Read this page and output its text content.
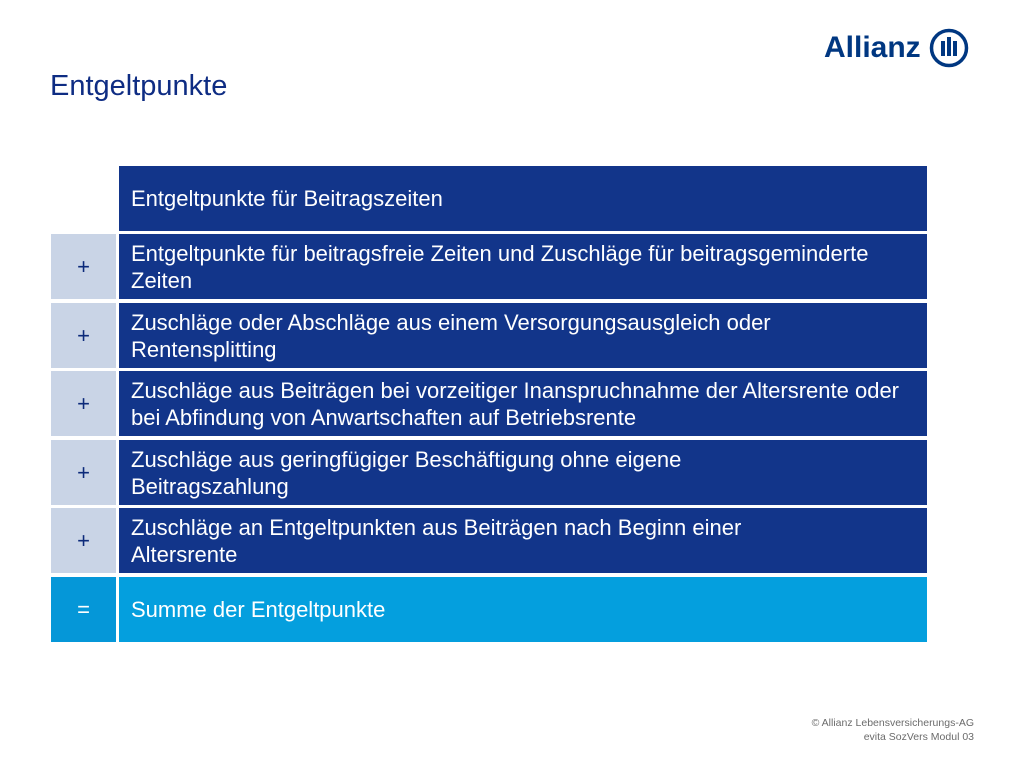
Entgeltpunkte
Allianz
Entgeltpunkte für Beitragszeiten
+
Entgeltpunkte für beitragsfreie Zeiten und Zuschläge für beitragsgeminderte Zeiten
+
Zuschläge oder Abschläge aus einem Versorgungsausgleich oder Rentensplitting
+
Zuschläge aus Beiträgen bei vorzeitiger Inanspruchnahme der Altersrente oder bei Abfindung von Anwartschaften auf Betriebsrente
+
Zuschläge aus geringfügiger Beschäftigung ohne eigene Beitragszahlung
+
Zuschläge an Entgeltpunkten aus Beiträgen nach Beginn einer Altersrente
=	Summe der Entgeltpunkte
© Allianz Lebensversicherungs-AG
evita SozVers Modul 03
